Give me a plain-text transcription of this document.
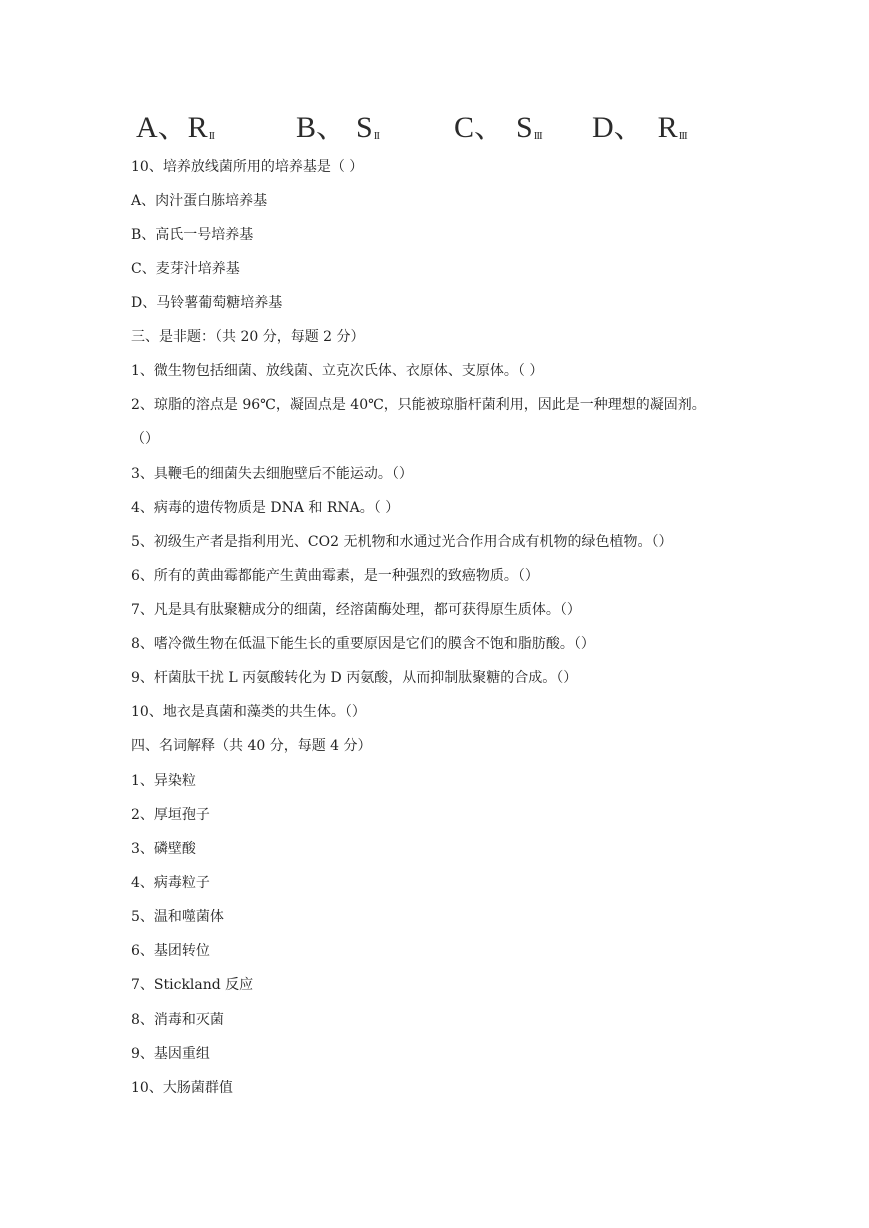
A、RII	B、 SII C、 SIII D、 RIII
10、培养放线菌所用的培养基是（ ）
A、肉汁蛋白胨培养基
B、高氏一号培养基
C、麦芽汁培养基
D、马铃薯葡萄糖培养基
三、是非题：（共 20 分，每题 2 分）
1、微生物包括细菌、放线菌、立克次氏体、衣原体、支原体。（ ）
2、琼脂的溶点是 96℃，凝固点是 40℃，只能被琼脂杆菌利用，因此是一种理想的凝固剂。
（）
3、具鞭毛的细菌失去细胞壁后不能运动。（）
4、病毒的遗传物质是 DNA 和 RNA。（ ）
5、初级生产者是指利用光、CO2 无机物和水通过光合作用合成有机物的绿色植物。（）
6、所有的黄曲霉都能产生黄曲霉素，是一种强烈的致癌物质。（）
7、凡是具有肽聚糖成分的细菌，经溶菌酶处理，都可获得原生质体。（）
8、嗜冷微生物在低温下能生长的重要原因是它们的膜含不饱和脂肪酸。（）
9、杆菌肽干扰 L 丙氨酸转化为 D 丙氨酸，从而抑制肽聚糖的合成。（）
10、地衣是真菌和藻类的共生体。（）
四、名词解释（共 40 分，每题 4 分）
1、异染粒
2、厚垣孢子
3、磷壁酸
4、病毒粒子
5、温和噬菌体
6、基团转位
7、Stickland 反应
8、消毒和灭菌
9、基因重组
10、大肠菌群值
